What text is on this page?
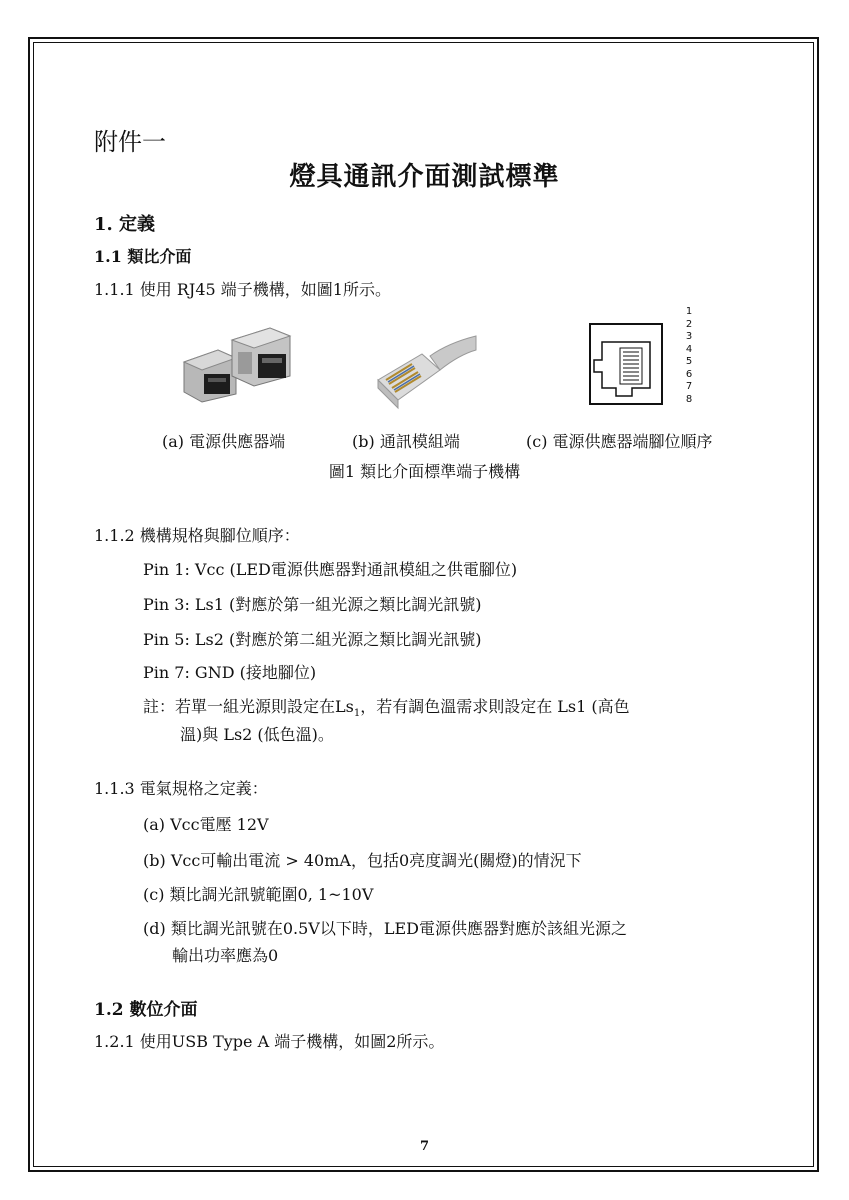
附件一
燈具通訊介面測試標準
1. 定義
1.1 類比介面
1.1.1 使用 RJ45 端子機構，如圖1所示。
1
2
3
4
5
6
7
8
(a) 電源供應器端	(b) 通訊模組端	(c) 電源供應器端腳位順序
圖1 類比介面標準端子機構
1.1.2 機構規格與腳位順序：
Pin 1: Vcc (LED電源供應器對通訊模組之供電腳位)
Pin 3: Ls1 (對應於第一組光源之類比調光訊號)
Pin 5: Ls2 (對應於第二組光源之類比調光訊號)
Pin 7: GND (接地腳位)
註：若單一組光源則設定在$Ls_1$，若有調色溫需求則設定在 Ls1 (高色
溫)與 Ls2 (低色溫)。
1.1.3 電氣規格之定義：
(a) Vcc電壓 12V
(b) Vcc可輸出電流 > 40mA，包括0亮度調光(關燈)的情況下
(c) 類比調光訊號範圍0, 1~10V
(d) 類比調光訊號在0.5V以下時，LED電源供應器對應於該組光源之
輸出功率應為0
1.2 數位介面
1.2.1 使用USB Type A 端子機構，如圖2所示。
7
